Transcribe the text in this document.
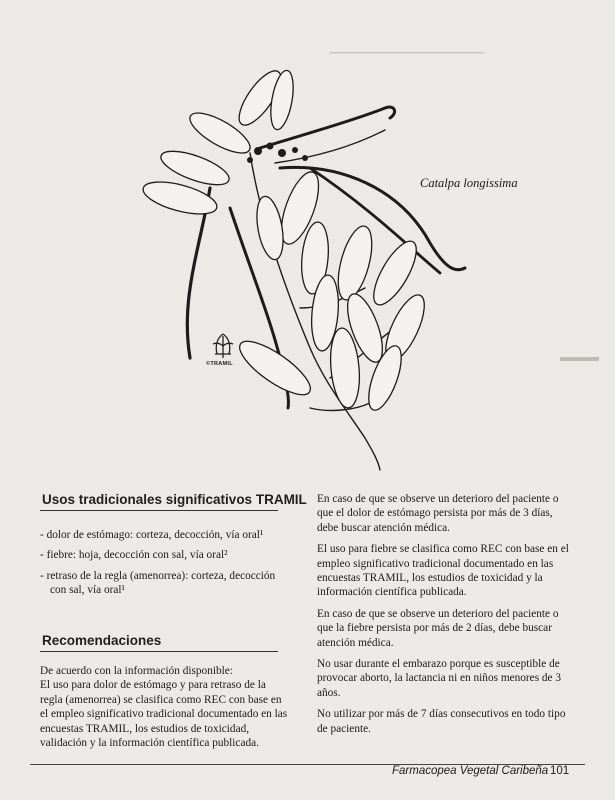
▁▁▁▁▁▁▁▁▁▁▁▁▁▁▁▁▁▁▁▁
▬▬▬
Catalpa longissima
©TRAMIL
Usos tradicionales significativos TRAMIL
- dolor de estómago: corteza, decocción, vía oral¹
- fiebre: hoja, decocción con sal, vía oral²
- retraso de la regla (amenorrea): corteza, decocción con sal, vía oral¹
Recomendaciones

De acuerdo con la información disponible:

El uso para dolor de estómago y para retraso de la regla (amenorrea) se clasifica como REC con base en el empleo significativo tradicional documentado en las encuestas TRAMIL, los estudios de toxicidad, validación y la información científica publicada.

En caso de que se observe un deterioro del paciente o que el dolor de estómago persista por más de 3 días, debe buscar atención médica.

El uso para fiebre se clasifica como REC con base en el empleo significativo tradicional documentado en las encuestas TRAMIL, los estudios de toxicidad y la información científica publicada.

En caso de que se observe un deterioro del paciente o que la fiebre persista por más de 2 días, debe buscar atención médica.

No usar durante el embarazo porque es susceptible de provocar aborto, la lactancia ni en niños menores de 3 años.

No utilizar por más de 7 días consecutivos en todo tipo de paciente.

Farmacopea Vegetal Caribeña 101
